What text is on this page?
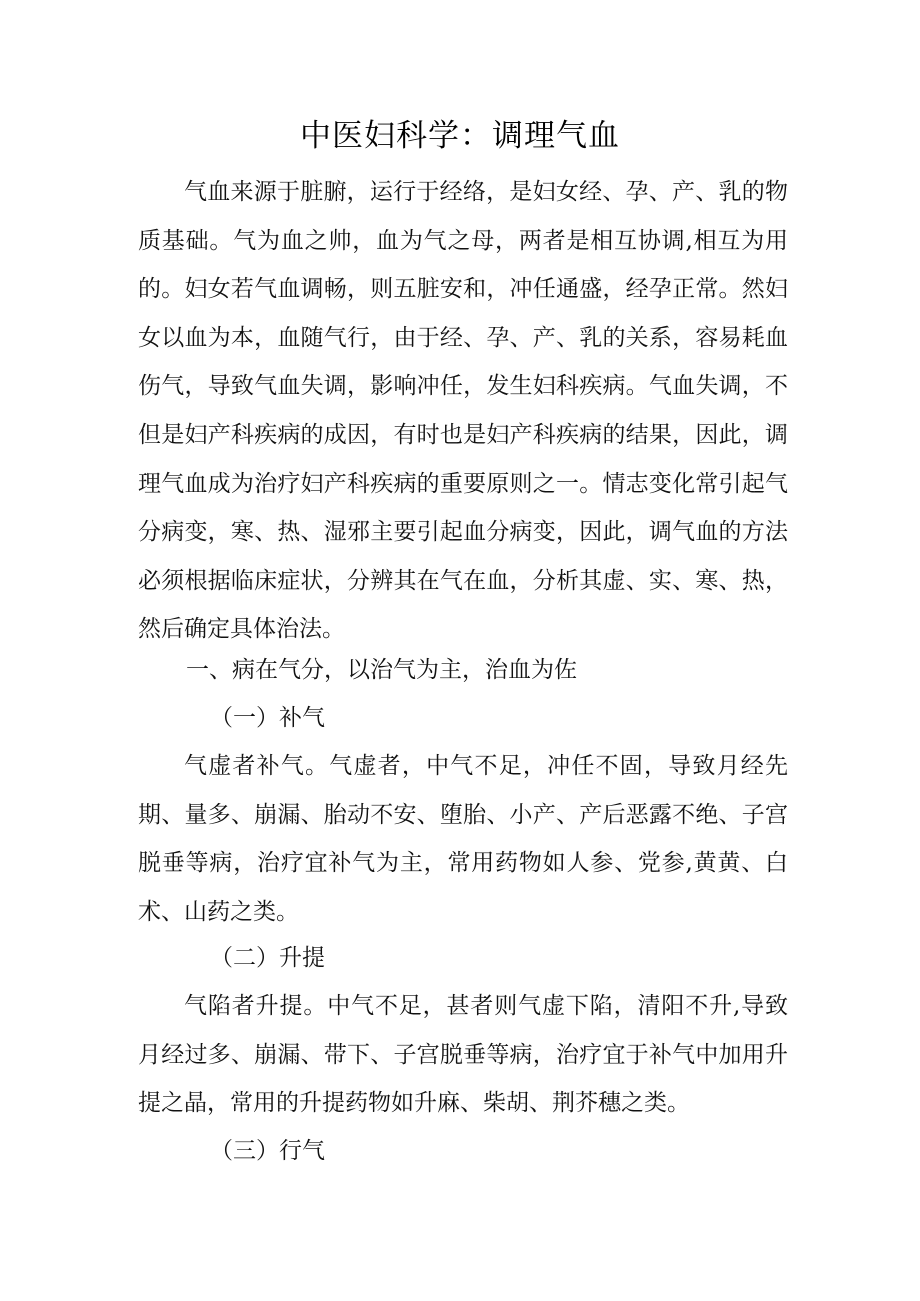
中医妇科学：调理气血

气血来源于脏腑，运行于经络，是妇女经、孕、产、乳的物质基础。气为血之帅，血为气之母，两者是相互协调,相互为用的。妇女若气血调畅，则五脏安和，冲任通盛，经孕正常。然妇女以血为本，血随气行，由于经、孕、产、乳的关系，容易耗血伤气，导致气血失调，影响冲任，发生妇科疾病。气血失调，不但是妇产科疾病的成因，有时也是妇产科疾病的结果，因此，调理气血成为治疗妇产科疾病的重要原则之一。情志变化常引起气分病变，寒、热、湿邪主要引起血分病变，因此，调气血的方法必须根据临床症状，分辨其在气在血，分析其虚、实、寒、热，然后确定具体治法。

一、病在气分，以治气为主，治血为佐

（一）补气

气虚者补气。气虚者，中气不足，冲任不固，导致月经先期、量多、崩漏、胎动不安、堕胎、小产、产后恶露不绝、子宫脱垂等病，治疗宜补气为主，常用药物如人参、党参,黄黄、白术、山药之类。

（二）升提

气陷者升提。中气不足，甚者则气虚下陷，清阳不升,导致月经过多、崩漏、带下、子宫脱垂等病，治疗宜于补气中加用升提之晶，常用的升提药物如升麻、柴胡、荆芥穗之类。

（三）行气
